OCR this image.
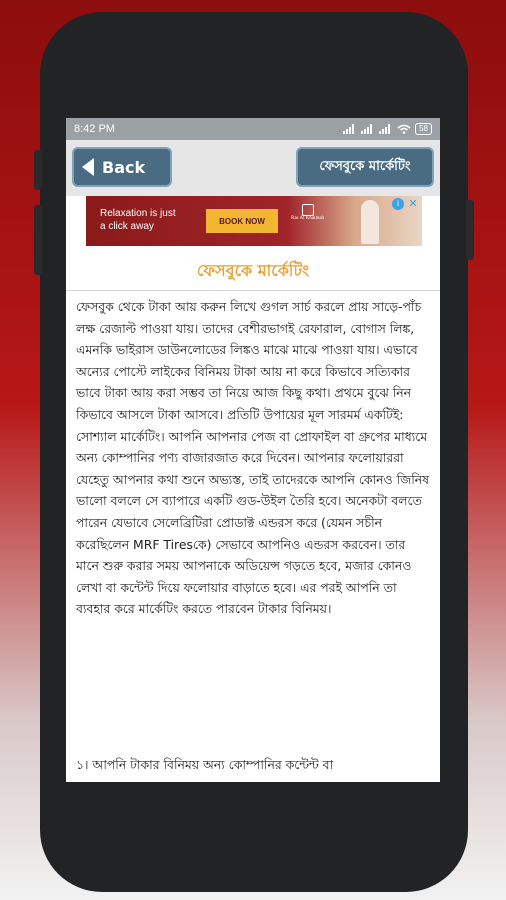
8:42 PM	58
Back	ফেসবুকে মার্কেটিং
Relaxation is just
a click away	BOOK NOW	Ras Al Khaimah
i ✕
ফেসবুকে মার্কেটিং

ফেসবুক থেকে টাকা আয় করুন লিখে গুগল সার্চ করলে প্রায় সাড়ে-পাঁচ লক্ষ রেজাল্ট পাওয়া যায়। তাদের বেশীরভাগই রেফারাল, বোগাস লিঙ্ক, এমনকি ভাইরাস ডাউনলোডের লিঙ্কও মাঝে মাঝে পাওয়া যায়। এভাবে অন্যের পোস্টে লাইকের বিনিময় টাকা আয় না করে কিভাবে সত্যিকার ভাবে টাকা আয় করা সম্ভব তা নিয়ে আজ কিছু কথা। প্রথমে বুঝে নিন কিভাবে আসলে টাকা আসবে। প্রতিটি উপায়ের মূল সারমর্ম একটিই: সোশ্যাল মার্কেটিং। আপনি আপনার পেজ বা প্রোফাইল বা গ্রুপের মাধ্যমে অন্য কোম্পানির পণ্য বাজারজাত করে দিবেন। আপনার ফলোয়াররা যেহেতু আপনার কথা শুনে অভ্যস্ত, তাই তাদেরকে আপনি কোনও জিনিষ ভালো বললে সে ব্যাপারে একটি গুড-উইল তৈরি হবে। অনেকটা বলতে পারেন যেভাবে সেলেব্রিটিরা প্রোডাক্ট এন্ডরস করে (যেমন সচীন করেছিলেন MRF Tiresকে) সেভাবে আপনিও এন্ডরস করবেন। তার মানে শুরু করার সময় আপনাকে অডিয়েন্স গড়তে হবে, মজার কোনও লেখা বা কন্টেন্ট দিয়ে ফলোয়ার বাড়াতে হবে। এর পরই আপনি তা ব্যবহার করে মার্কেটিং করতে পারবেন টাকার বিনিময়।

১। আপনি টাকার বিনিময় অন্য কোম্পানির কন্টেন্ট বা
